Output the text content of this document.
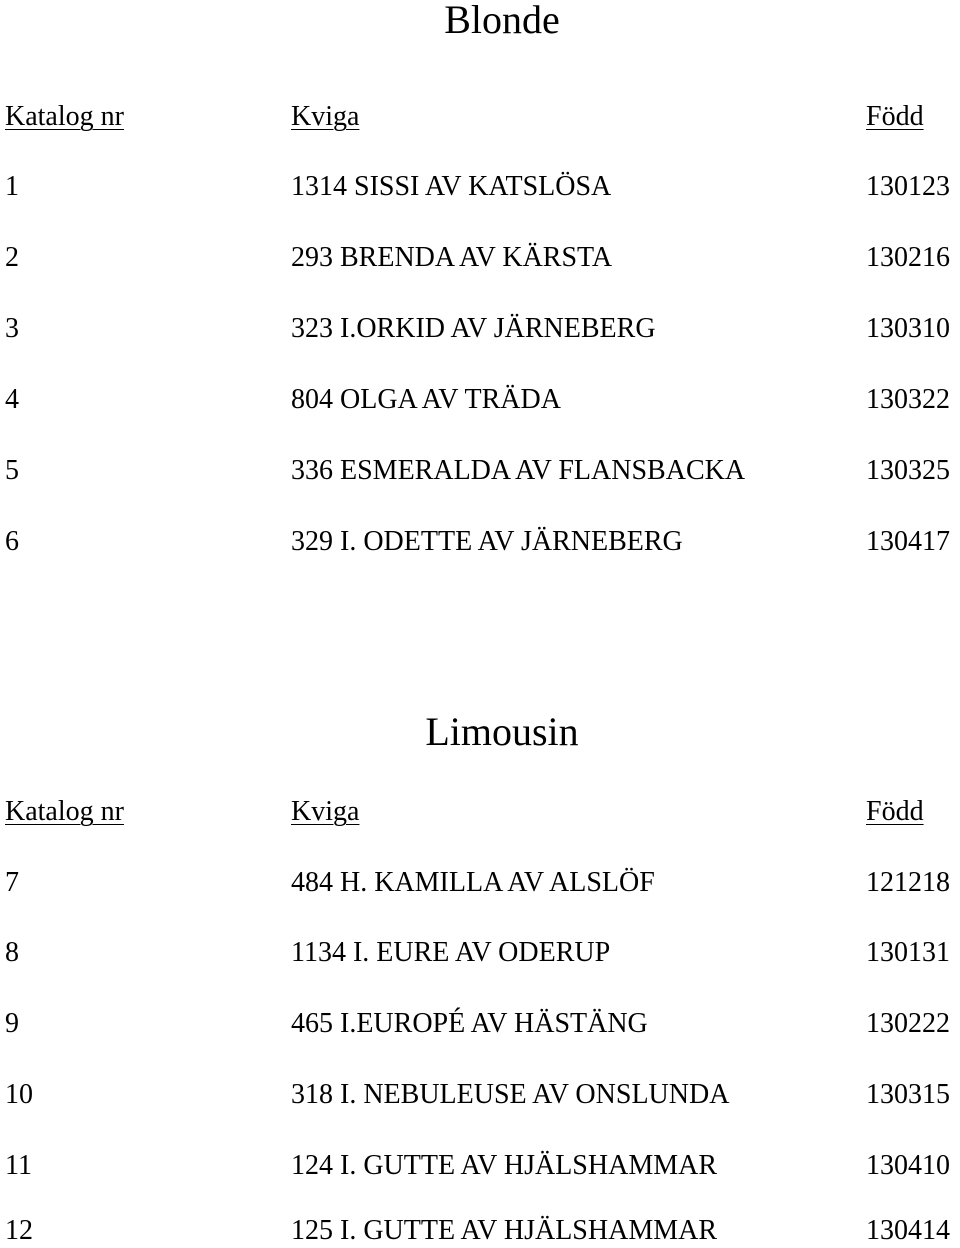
Blonde
Katalog nr	Kviga	Född
1	1314 SISSI AV KATSLÖSA	130123
2	293 BRENDA AV KÄRSTA	130216
3	323 I.ORKID AV JÄRNEBERG	130310
4	804 OLGA AV TRÄDA	130322
5	336 ESMERALDA AV FLANSBACKA	130325
6	329 I. ODETTE AV JÄRNEBERG	130417
Limousin
Katalog nr	Kviga	Född
7	484 H. KAMILLA AV ALSLÖF	121218
8	1134 I. EURE AV ODERUP	130131
9	465 I.EUROPÉ AV HÄSTÄNG	130222
10	318 I. NEBULEUSE AV ONSLUNDA	130315
11	124 I. GUTTE AV HJÄLSHAMMAR	130410
12	125 I. GUTTE AV HJÄLSHAMMAR	130414
